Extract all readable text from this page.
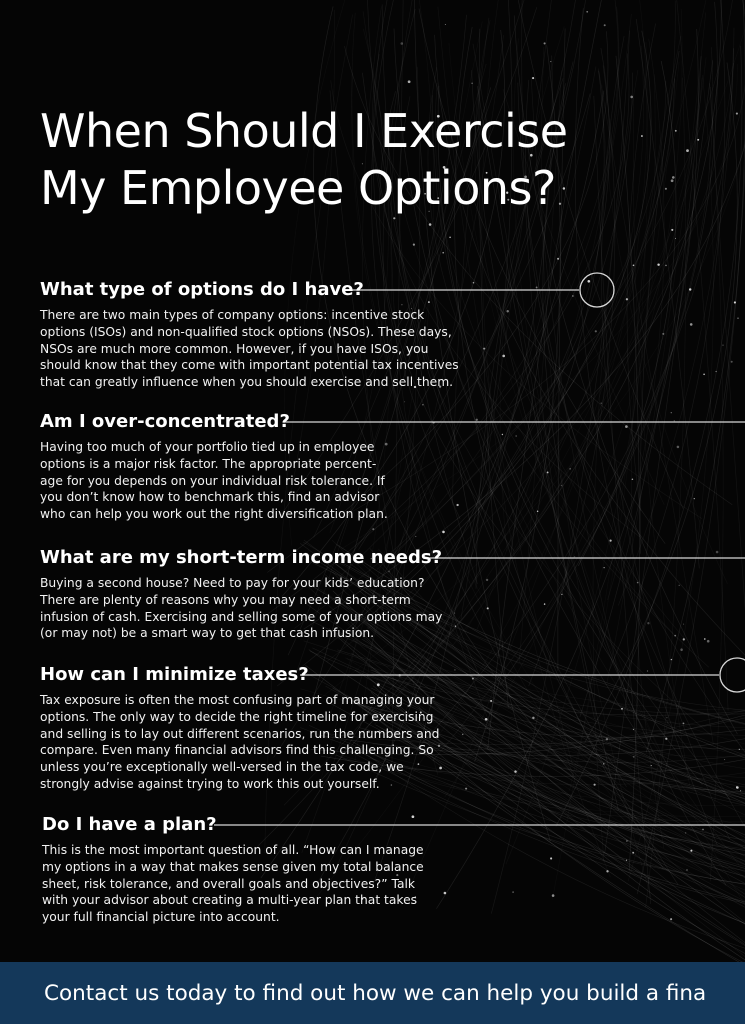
When Should I Exercise
My Employee Options?
What type of options do I have?

There are two main types of company options: incentive stock
options (ISOs) and non-qualified stock options (NSOs). These days,
NSOs are much more common. However, if you have ISOs, you
should know that they come with important potential tax incentives
that can greatly influence when you should exercise and sell them.

Am I over-concentrated?

Having too much of your portfolio tied up in employee
options is a major risk factor. The appropriate percent-
age for you depends on your individual risk tolerance. If
you don’t know how to benchmark this, find an advisor
who can help you work out the right diversification plan.

What are my short-term income needs?

Buying a second house? Need to pay for your kids’ education?
There are plenty of reasons why you may need a short-term
infusion of cash. Exercising and selling some of your options may
(or may not) be a smart way to get that cash infusion.

How can I minimize taxes?

Tax exposure is often the most confusing part of managing your
options. The only way to decide the right timeline for exercising
and selling is to lay out different scenarios, run the numbers and
compare. Even many financial advisors find this challenging. So
unless you’re exceptionally well-versed in the tax code, we
strongly advise against trying to work this out yourself.

Do I have a plan?

This is the most important question of all. “How can I manage
my options in a way that makes sense given my total balance
sheet, risk tolerance, and overall goals and objectives?” Talk
with your advisor about creating a multi-year plan that takes
your full financial picture into account.

Contact us today to find out how we can help you build a fina
